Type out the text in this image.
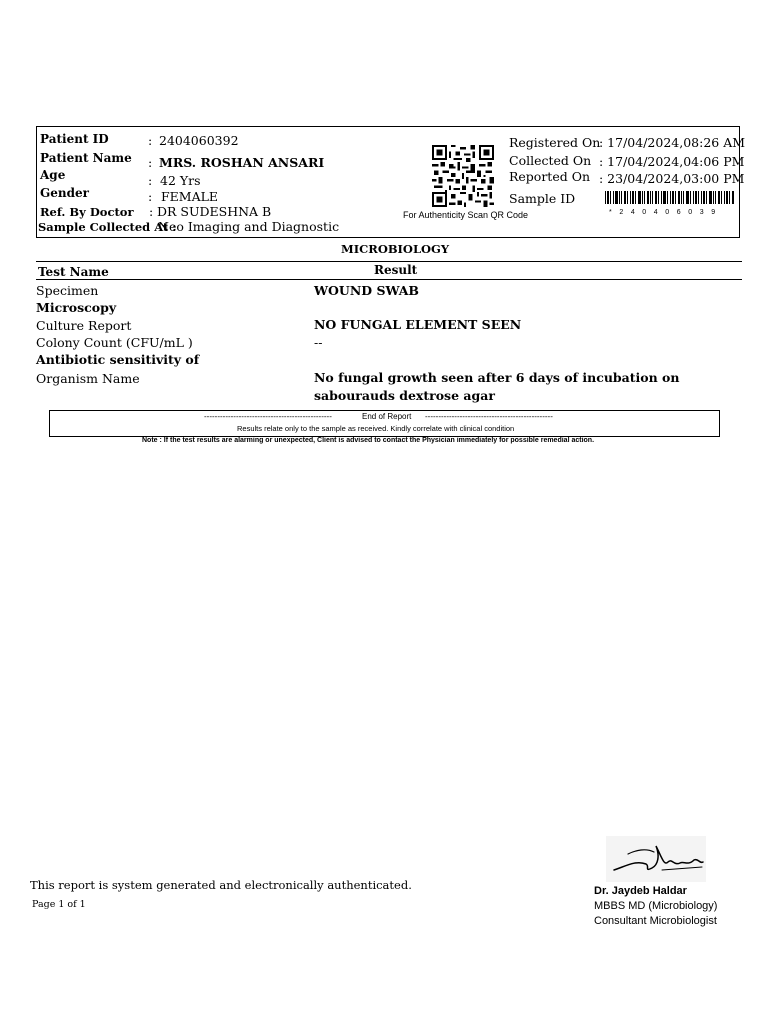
Patient ID	: 2404060392
Patient Name : MRS. ROSHAN ANSARI
Age	: 42 Yrs
Gender	: FEMALE
Ref. By Doctor : DR SUDESHNA B
Sample Collected At :
Neo Imaging and Diagnostic
For Authenticity Scan QR Code
Registered On
: 17/04/2024,08:26 AM
Collected On : 17/04/2024,04:06 PM
Reported On : 23/04/2024,03:00 PM
Sample ID
*240406039
MICROBIOLOGY
Test Name	Result
Specimen	WOUND SWAB
Microscopy
Culture Report	NO FUNGAL ELEMENT SEEN
Colony Count (CFU/mL )	--
Antibiotic sensitivity of
Organism Name	No fungal growth seen after 6 days of incubation on
sabourauds dextrose agar
------------------------------------------------	End of Report ------------------------------------------------
Results relate only to the sample as received. Kindly correlate with clinical condition
Note : If the test results are alarming or unexpected, Client is advised to contact the Physician immediately for possible remedial action.
Dr. Jaydeb Haldar
MBBS MD (Microbiology)
Consultant Microbiologist
This report is system generated and electronically authenticated.
Page 1 of 1
